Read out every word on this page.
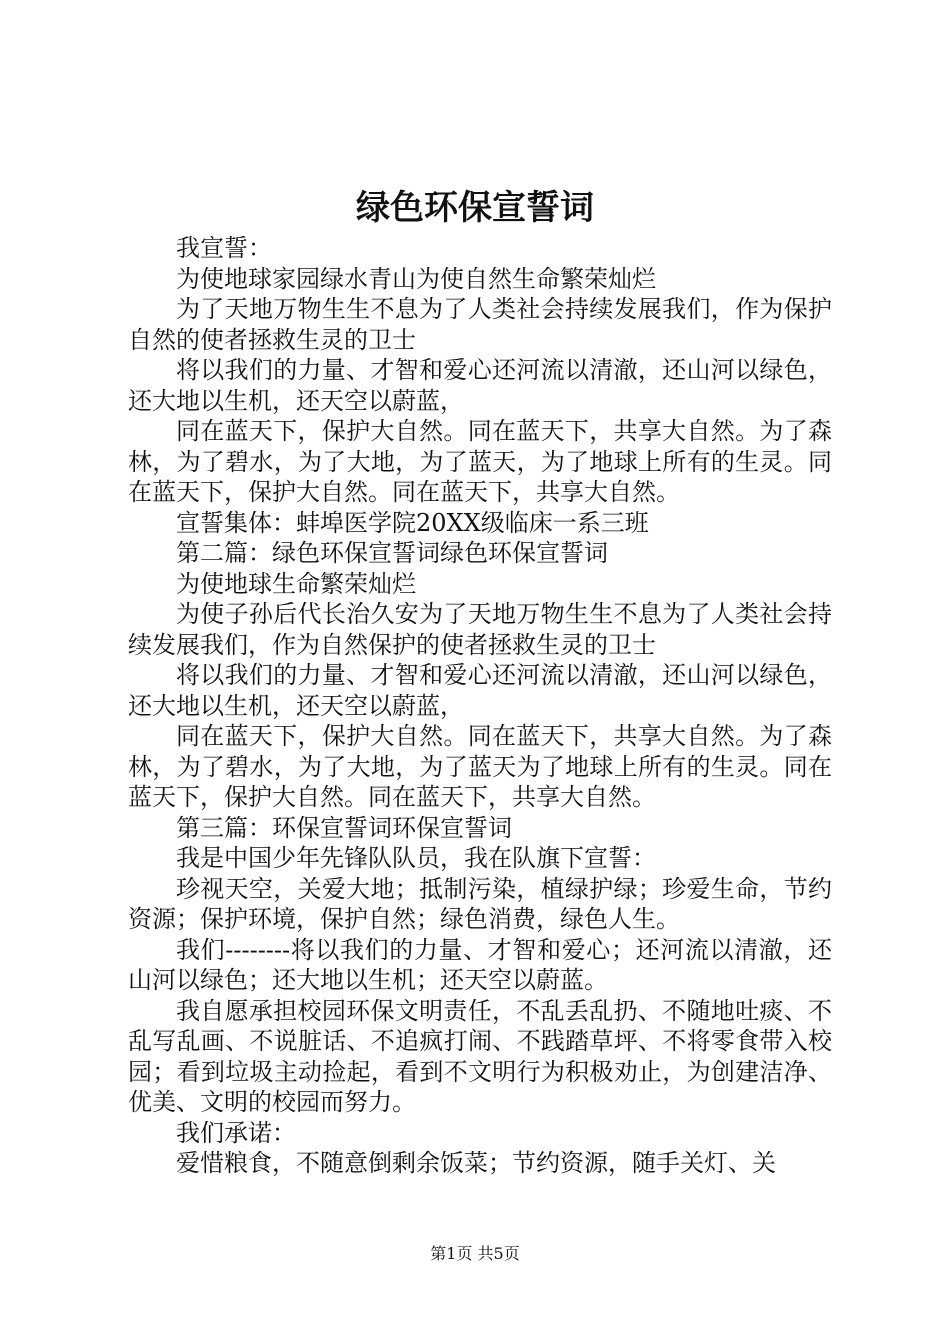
绿色环保宣誓词

我宣誓：

为使地球家园绿水青山为使自然生命繁荣灿烂

为了天地万物生生不息为了人类社会持续发展我们，作为保护自然的使者拯救生灵的卫士

将以我们的力量、才智和爱心还河流以清澈，还山河以绿色，还大地以生机，还天空以蔚蓝，

同在蓝天下，保护大自然。同在蓝天下，共享大自然。为了森林，为了碧水，为了大地，为了蓝天，为了地球上所有的生灵。同在蓝天下，保护大自然。同在蓝天下，共享大自然。

宣誓集体：蚌埠医学院20XX级临床一系三班

第二篇：绿色环保宣誓词绿色环保宣誓词

为使地球生命繁荣灿烂

为使子孙后代长治久安为了天地万物生生不息为了人类社会持续发展我们，作为自然保护的使者拯救生灵的卫士

将以我们的力量、才智和爱心还河流以清澈，还山河以绿色，还大地以生机，还天空以蔚蓝，

同在蓝天下，保护大自然。同在蓝天下，共享大自然。为了森林，为了碧水，为了大地，为了蓝天为了地球上所有的生灵。同在蓝天下，保护大自然。同在蓝天下，共享大自然。

第三篇：环保宣誓词环保宣誓词

我是中国少年先锋队队员，我在队旗下宣誓：

珍视天空，关爱大地；抵制污染，植绿护绿；珍爱生命，节约资源；保护环境，保护自然；绿色消费，绿色人生。

我们--------将以我们的力量、才智和爱心；还河流以清澈，还山河以绿色；还大地以生机；还天空以蔚蓝。

我自愿承担校园环保文明责任，不乱丢乱扔、不随地吐痰、不乱写乱画、不说脏话、不追疯打闹、不践踏草坪、不将零食带入校园；看到垃圾主动捡起，看到不文明行为积极劝止，为创建洁净、优美、文明的校园而努力。

我们承诺：

爱惜粮食，不随意倒剩余饭菜；节约资源，随手关灯、关

第1页 共5页
